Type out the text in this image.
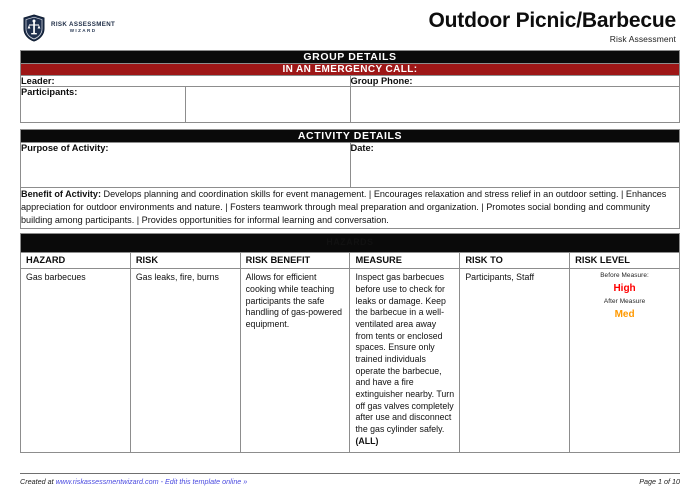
RISK ASSESSMENT
WIZARD	Outdoor Picnic/Barbecue
Risk Assessment
GROUP DETAILS		
IN AN EMERGENCY CALL:		
Leader:		Group Phone:
Participants:		
ACTIVITY DETAILS
Purpose of Activity:	Date:
Benefit of Activity: Develops planning and coordination skills for event management. | Encourages relaxation and stress relief in an outdoor setting. | Enhances appreciation for outdoor environments and nature. | Fosters teamwork through meal preparation and organization. | Promotes social bonding and community building among participants. | Provides opportunities for informal learning and conversation.
HAZARDS					
HAZARD	RISK	RISK BENEFIT	MEASURE	RISK TO	RISK LEVEL
Gas barbecues	Gas leaks, fire, burns	Allows for efficient cooking while teaching participants the safe handling of gas-powered equipment.	Inspect gas barbecues before use to check for leaks or damage. Keep the barbecue in a well-ventilated area away from tents or enclosed spaces. Ensure only trained individuals operate the barbecue, and have a fire extinguisher nearby. Turn off gas valves completely after use and disconnect the gas cylinder safely. (ALL)	Participants, Staff	Before Measure:
High
After Measure
Med
Created at www.riskassessmentwizard.com - Edit this template online »	Page 1 of 10
